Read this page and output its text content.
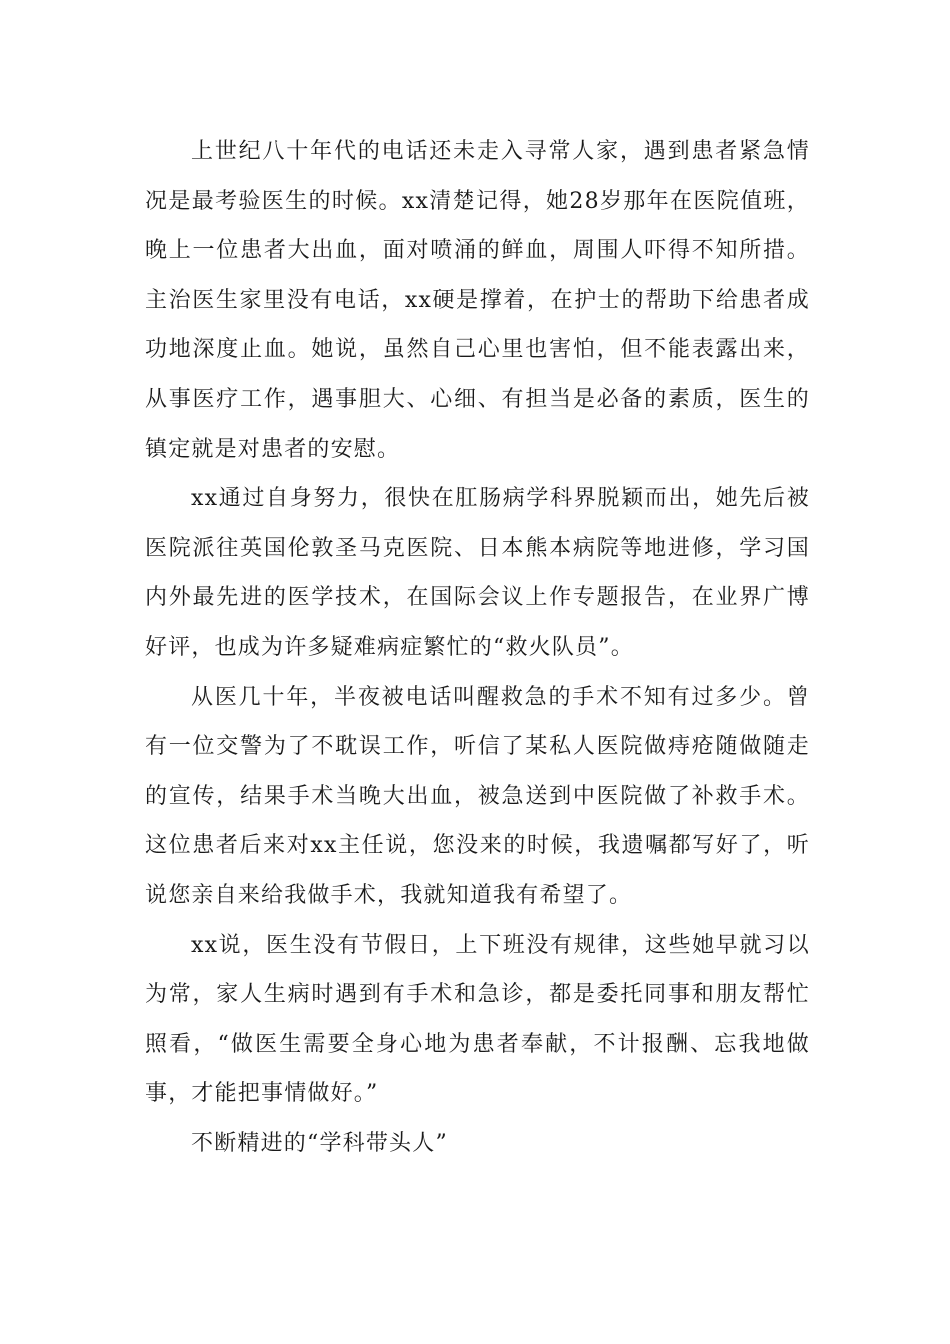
上世纪八十年代的电话还未走入寻常人家，遇到患者紧急情况是最考验医生的时候。xx清楚记得，她28岁那年在医院值班，晚上一位患者大出血，面对喷涌的鲜血，周围人吓得不知所措。主治医生家里没有电话，xx硬是撑着，在护士的帮助下给患者成功地深度止血。她说，虽然自己心里也害怕，但不能表露出来，从事医疗工作，遇事胆大、心细、有担当是必备的素质，医生的镇定就是对患者的安慰。

xx通过自身努力，很快在肛肠病学科界脱颖而出，她先后被医院派往英国伦敦圣马克医院、日本熊本病院等地进修，学习国内外最先进的医学技术，在国际会议上作专题报告，在业界广博好评，也成为许多疑难病症繁忙的“救火队员”。

从医几十年，半夜被电话叫醒救急的手术不知有过多少。曾有一位交警为了不耽误工作，听信了某私人医院做痔疮随做随走的宣传，结果手术当晚大出血，被急送到中医院做了补救手术。这位患者后来对xx主任说，您没来的时候，我遗嘱都写好了，听说您亲自来给我做手术，我就知道我有希望了。

xx说，医生没有节假日，上下班没有规律，这些她早就习以为常，家人生病时遇到有手术和急诊，都是委托同事和朋友帮忙照看，“做医生需要全身心地为患者奉献，不计报酬、忘我地做事，才能把事情做好。”

不断精进的“学科带头人”
